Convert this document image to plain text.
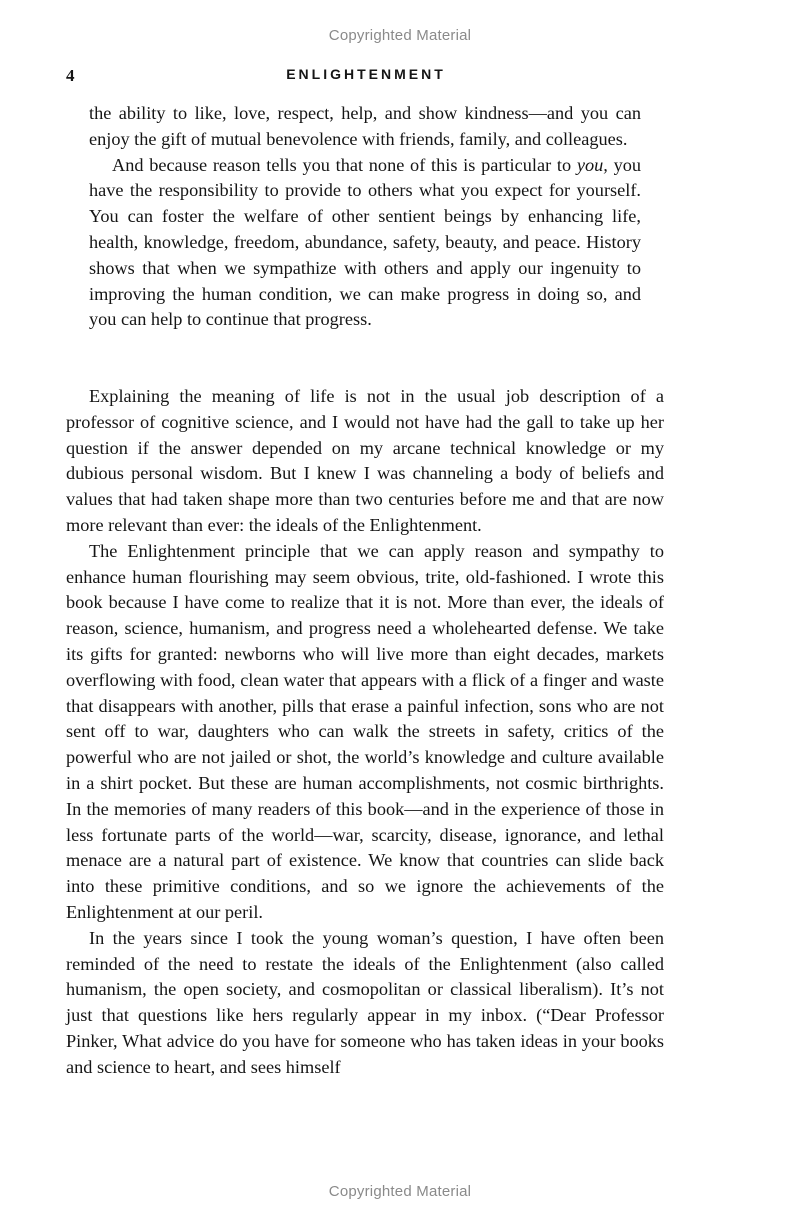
Copyrighted Material
4	ENLIGHTENMENT

the ability to like, love, respect, help, and show kindness—and you can enjoy the gift of mutual benevolence with friends, family, and colleagues.

And because reason tells you that none of this is particular to you, you have the responsibility to provide to others what you expect for yourself. You can foster the welfare of other sentient beings by enhancing life, health, knowledge, freedom, abundance, safety, beauty, and peace. History shows that when we sympathize with others and apply our ingenuity to improving the human condition, we can make progress in doing so, and you can help to continue that progress.

Explaining the meaning of life is not in the usual job description of a professor of cognitive science, and I would not have had the gall to take up her question if the answer depended on my arcane technical knowledge or my dubious personal wisdom. But I knew I was channeling a body of beliefs and values that had taken shape more than two centuries before me and that are now more relevant than ever: the ideals of the Enlightenment.

The Enlightenment principle that we can apply reason and sympathy to enhance human flourishing may seem obvious, trite, old-fashioned. I wrote this book because I have come to realize that it is not. More than ever, the ideals of reason, science, humanism, and progress need a wholehearted defense. We take its gifts for granted: newborns who will live more than eight decades, markets overflowing with food, clean water that appears with a flick of a finger and waste that disappears with another, pills that erase a painful infection, sons who are not sent off to war, daughters who can walk the streets in safety, critics of the powerful who are not jailed or shot, the world’s knowledge and culture available in a shirt pocket. But these are human accomplishments, not cosmic birthrights. In the memories of many readers of this book—and in the experience of those in less fortunate parts of the world—war, scarcity, disease, ignorance, and lethal menace are a natural part of existence. We know that countries can slide back into these primitive conditions, and so we ignore the achievements of the Enlightenment at our peril.

In the years since I took the young woman’s question, I have often been reminded of the need to restate the ideals of the Enlightenment (also called humanism, the open society, and cosmopolitan or classical liberalism). It’s not just that questions like hers regularly appear in my inbox. (“Dear Professor Pinker, What advice do you have for someone who has taken ideas in your books and science to heart, and sees himself

Copyrighted Material
